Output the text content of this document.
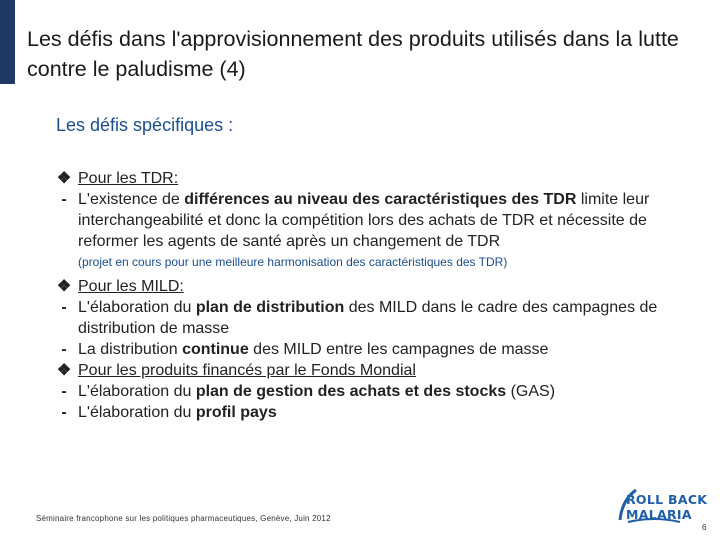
Les défis dans l'approvisionnement des produits utilisés dans la lutte contre le paludisme (4)
Les défis spécifiques :
❖ Pour les TDR:
- L'existence de différences au niveau des caractéristiques des TDR limite leur interchangeabilité et donc la compétition lors des achats de TDR et nécessite de reformer les agents de santé après un changement de TDR
(projet en cours pour une meilleure harmonisation des caractéristiques des TDR)
❖ Pour les MILD:
- L'élaboration du plan de distribution des MILD dans le cadre des campagnes de distribution de masse
- La distribution continue des MILD entre les campagnes de masse
❖ Pour les produits financés par le Fonds Mondial
- L'élaboration du plan de gestion des achats et des stocks (GAS)
- L'élaboration du profil pays
Séminaire francophone sur les politiques pharmaceutiques, Genève, Juin 2012
ROLL BACK
MALARIA
6
